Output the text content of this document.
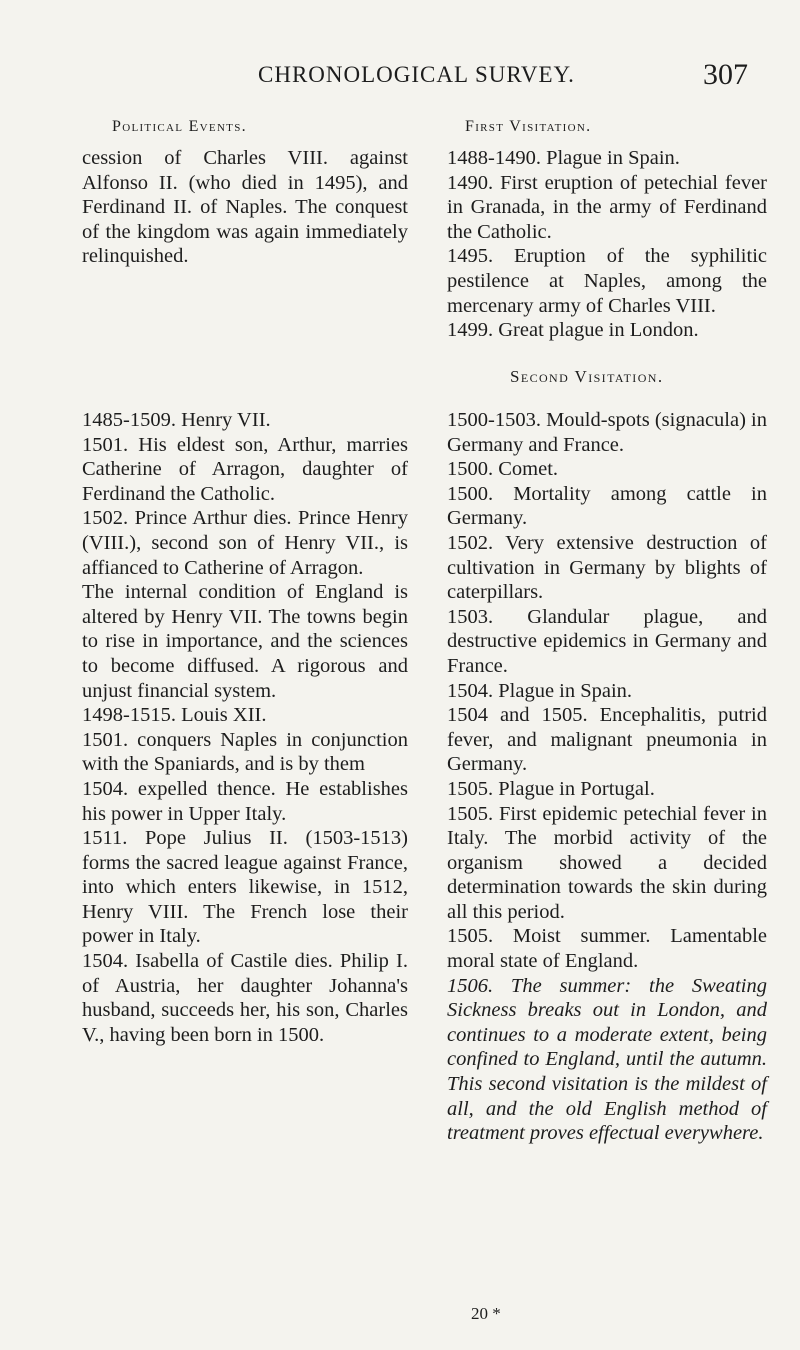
CHRONOLOGICAL SURVEY.	307
Political Events.	First Visitation.

cession of Charles VIII. against Alfonso II. (who died in 1495), and Ferdinand II. of Naples. The conquest of the kingdom was again immediately relinquished.

1488-1490. Plague in Spain.

1490. First eruption of petechial fever in Granada, in the army of Ferdinand the Catholic.

1495. Eruption of the syphilitic pestilence at Naples, among the mercenary army of Charles VIII.

1499. Great plague in London.

Second Visitation.

1485-1509. Henry VII.

1501. His eldest son, Arthur, marries Catherine of Arragon, daughter of Ferdinand the Catholic.

1502. Prince Arthur dies. Prince Henry (VIII.), second son of Henry VII., is affianced to Catherine of Arragon.

The internal condition of England is altered by Henry VII. The towns begin to rise in importance, and the sciences to become diffused. A rigorous and unjust financial system.

1498-1515. Louis XII.

1501. conquers Naples in conjunction with the Spaniards, and is by them

1504. expelled thence. He establishes his power in Upper Italy.

1511. Pope Julius II. (1503-1513) forms the sacred league against France, into which enters likewise, in 1512, Henry VIII. The French lose their power in Italy.

1504. Isabella of Castile dies. Philip I. of Austria, her daughter Johanna's husband, succeeds her, his son, Charles V., having been born in 1500.

1500-1503. Mould-spots (signacula) in Germany and France.

1500. Comet.

1500. Mortality among cattle in Germany.

1502. Very extensive destruction of cultivation in Germany by blights of caterpillars.

1503. Glandular plague, and destructive epidemics in Germany and France.

1504. Plague in Spain.

1504 and 1505. Encephalitis, putrid fever, and malignant pneumonia in Germany.

1505. Plague in Portugal.

1505. First epidemic petechial fever in Italy. The morbid activity of the organism showed a decided determination towards the skin during all this period.

1505. Moist summer. Lamentable moral state of England.

1506. The summer: the Sweating Sickness breaks out in London, and continues to a moderate extent, being confined to England, until the autumn. This second visitation is the mildest of all, and the old English method of treatment proves effectual everywhere.

20 *
